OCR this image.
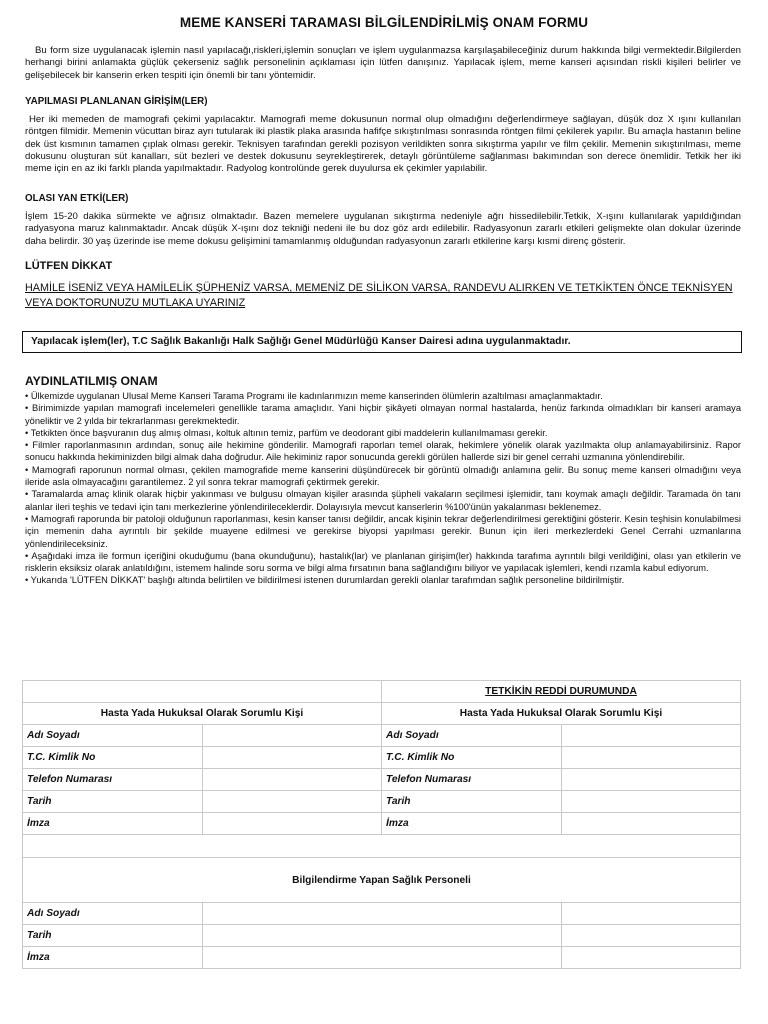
MEME KANSERİ TARAMASI BİLGİLENDİRİLMİŞ ONAM FORMU

Bu form size uygulanacak işlemin nasıl yapılacağı,riskleri,işlemin sonuçları ve işlem uygulanmazsa karşılaşabileceğiniz durum hakkında bilgi vermektedir.Bilgilerden herhangi birini anlamakta güçlük çekerseniz sağlık personelinin açıklaması için lütfen danışınız. Yapılacak işlem, meme kanseri açısından riskli kişileri belirler ve gelişebilecek bir kanserin erken tespiti için önemli bir tanı yöntemidir.

YAPILMASI PLANLANAN GİRİŞİM(LER)

Her iki memeden de mamografi çekimi yapılacaktır. Mamografi meme dokusunun normal olup olmadığını değerlendirmeye sağlayan, düşük doz X ışını kullanılan röntgen filmidir. Memenin vücuttan biraz ayrı tutularak iki plastik plaka arasında hafifçe sıkıştırılması sonrasında röntgen filmi çekilerek yapılır. Bu amaçla hastanın beline dek üst kısmının tamamen çıplak olması gerekir. Teknisyen tarafından gerekli pozisyon verildikten sonra sıkıştırma yapılır ve film çekilir. Memenin sıkıştırılması, meme dokusunu oluşturan süt kanalları, süt bezleri ve destek dokusunu seyrekleştirerek, detaylı görüntüleme sağlanması bakımından son derece önemlidir. Tetkik her iki meme için en az iki farklı planda yapılmaktadır. Radyolog kontrolünde gerek duyulursa ek çekimler yapılabilir.

OLASI YAN ETKİ(LER)

İşlem 15-20 dakika sürmekte ve ağrısız olmaktadır. Bazen memelere uygulanan sıkıştırma nedeniyle ağrı hissedilebilir.Tetkik, X-ışını kullanılarak yapıldığından radyasyona maruz kalınmaktadır. Ancak düşük X-ışını doz tekniği nedeni ile bu doz göz ardı edilebilir. Radyasyonun zararlı etkileri gelişmekte olan dokular üzerinde daha belirdir. 30 yaş üzerinde ise meme dokusu gelişimini tamamlanmış olduğundan radyasyonun zararlı etkilerine karşı kısmi direnç gösterir.

LÜTFEN DİKKAT
HAMİLE İSENİZ VEYA HAMİLELİK ŞÜPHENİZ VARSA, MEMENİZ DE SİLİKON VARSA, RANDEVU ALIRKEN VE TETKİKTEN ÖNCE TEKNİSYEN VEYA DOKTORUNUZU MUTLAKA UYARINIZ
Yapılacak işlem(ler), T.C Sağlık Bakanlığı Halk Sağlığı Genel Müdürlüğü Kanser Dairesi adına uygulanmaktadır.
AYDINLATILMIŞ ONAM
• Ülkemizde uygulanan Ulusal Meme Kanseri Tarama Programı ile kadınlarımızın meme kanserinden ölümlerin azaltılması amaçlanmaktadır.
• Birimimizde yapılan mamografi incelemeleri genellikle tarama amaçlıdır. Yani hiçbir şikâyeti olmayan normal hastalarda, henüz farkında olmadıkları bir kanseri aramaya yöneliktir ve 2 yılda bir tekrarlanması gerekmektedir.
• Tetkikten önce başvuranın duş almış olması, koltuk altının temiz, parfüm ve deodorant gibi maddelerin kullanılmaması gerekir.
• Filmler raporlanmasının ardından, sonuç aile hekimine gönderilir. Mamografi raporları temel olarak, hekimlere yönelik olarak yazılmakta olup anlamayabilirsiniz. Rapor sonucu hakkında hekiminizden bilgi almak daha doğrudur. Aile hekiminiz rapor sonucunda gerekli görülen hallerde sizi bir genel cerrahi uzmanına yönlendirebilir.
• Mamografi raporunun normal olması, çekilen mamografide meme kanserini düşündürecek bir görüntü olmadığı anlamına gelir. Bu sonuç meme kanseri olmadığını veya ileride asla olmayacağını garantilemez. 2 yıl sonra tekrar mamografi çektirmek gerekir.
• Taramalarda amaç klinik olarak hiçbir yakınması ve bulgusu olmayan kişiler arasında şüpheli vakaların seçilmesi işlemidir, tanı koymak amaçlı değildir. Taramada ön tanı alanlar ileri teşhis ve tedavi için tanı merkezlerine yönlendirileceklerdir. Dolayısıyla mevcut kanserlerin %100'ünün yakalanması beklenemez.
• Mamografi raporunda bir patoloji olduğunun raporlanması, kesin kanser tanısı değildir, ancak kişinin tekrar değerlendirilmesi gerektiğini gösterir. Kesin teşhisin konulabilmesi için memenin daha ayrıntılı bir şekilde muayene edilmesi ve gerekirse biyopsi yapılması gerekir. Bunun için ileri merkezlerdeki Genel Cerrahi uzmanlarına yönlendirileceksiniz.
• Aşağıdaki imza ile formun içeriğini okuduğumu (bana okunduğunu), hastalık(lar) ve planlanan girişim(ler) hakkında tarafıma ayrıntılı bilgi verildiğini, olası yan etkilerin ve risklerin eksiksiz olarak anlatıldığını, istemem halinde soru sorma ve bilgi alma fırsatının bana sağlandığını biliyor ve yapılacak işlemleri, kendi rızamla kabul ediyorum.
• Yukarıda 'LÜTFEN DİKKAT' başlığı altında belirtilen ve bildirilmesi istenen durumlardan gerekli olanlar tarafımdan sağlık personeline bildirilmiştir.
		TETKİKİN REDDİ DURUMUNDA	
Hasta Yada Hukuksal Olarak Sorumlu Kişi		Hasta Yada Hukuksal Olarak Sorumlu Kişi	
Adı Soyadı		Adı Soyadı	
T.C. Kimlik No		T.C. Kimlik No	
Telefon Numarası		Telefon Numarası	
Tarih		Tarih	
İmza		İmza	

Bilgilendirme Yapan Sağlık Personeli			
Adı Soyadı			
Tarih			
İmza			
